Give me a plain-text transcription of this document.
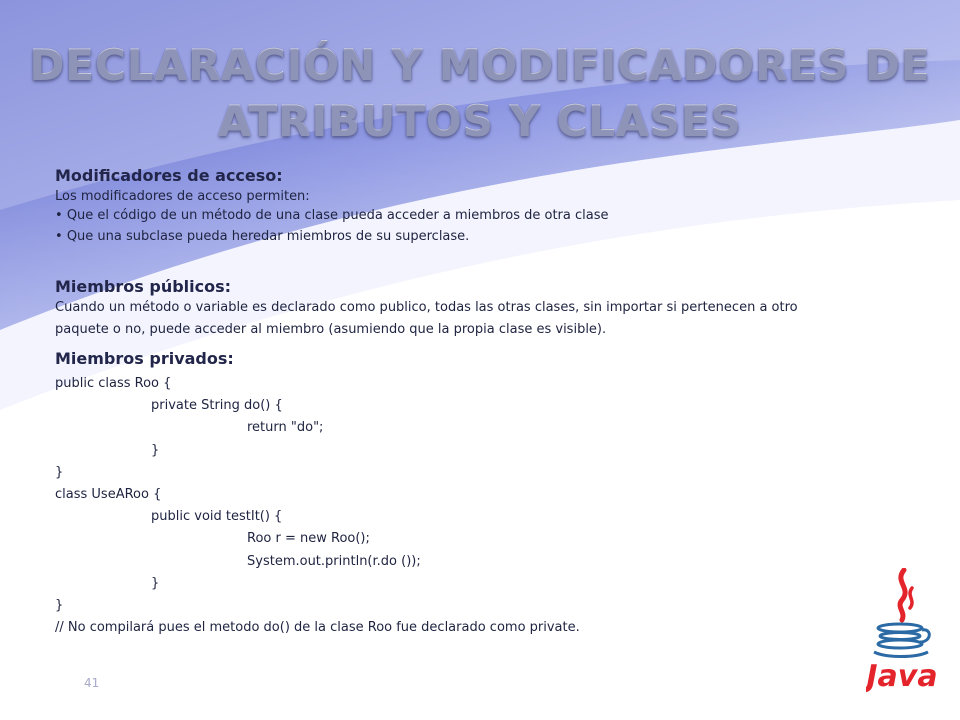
DECLARACIÓN Y MODIFICADORES DE
ATRIBUTOS Y CLASES

Modificadores de acceso:

Los modificadores de acceso permiten:

• Que el código de un método de una clase pueda acceder a miembros de otra clase

• Que una subclase pueda heredar miembros de su superclase.

Miembros públicos:

Cuando un método o variable es declarado como publico, todas las otras clases, sin importar si pertenecen a otro paquete o no, puede acceder al miembro (asumiendo que la propia clase es visible).

Miembros privados:

public class Roo {

private String do() {

return "do";

}

}

class UseARoo {

public void testIt() {

Roo r = new Roo();

System.out.println(r.do ());

}

}

// No compilará pues el metodo do() de la clase Roo fue declarado como private.

41	Java
